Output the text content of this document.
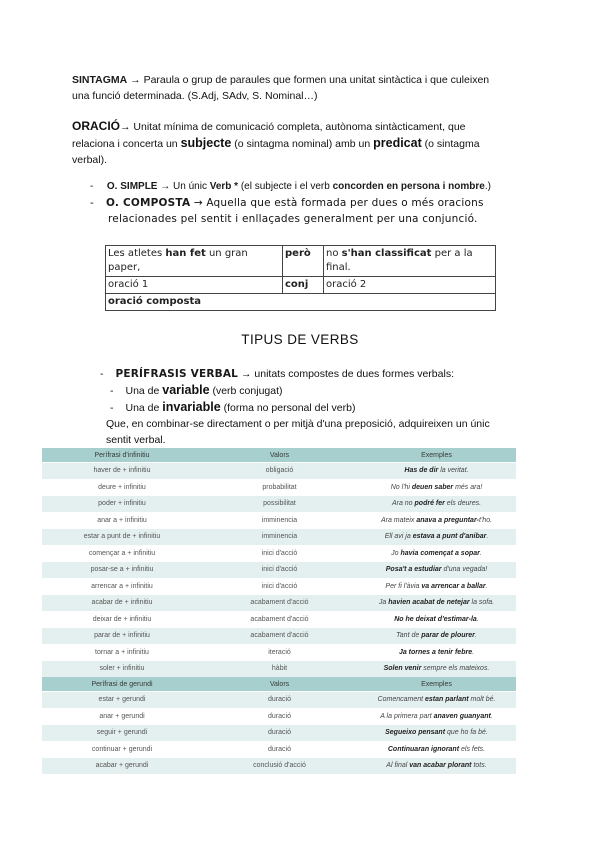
SINTAGMA → Paraula o grup de paraules que formen una unitat sintàctica i que culeixen
una funció determinada. (S.Adj, SAdv, S. Nominal…)
ORACIÓ→ Unitat mínima de comunicació completa, autònoma sintàcticament, que
relaciona i concerta un subjecte (o sintagma nominal) amb un predicat (o sintagma
verbal).
- O. SIMPLE → Un únic Verb * (el subjecte i el verb concorden en persona i nombre.)
- O. COMPOSTA → Aquella que està formada per dues o més oracions
relacionades pel sentit i enllaçades generalment per una conjunció.
Les atletes han fet un gran paper,	però	no s'han classificat per a la final.
oració 1	conj	oració 2
oració composta		
TIPUS DE VERBS
- PERÍFRASIS VERBAL → unitats compostes de dues formes verbals:
- Una de variable (verb conjugat)
- Una de invariable (forma no personal del verb)
Que, en combinar-se directament o per mitjà d'una preposició, adquireixen un únic
sentit verbal.
Perífrasi d'infinitiu	Valors	Exemples
haver de + infinitiu	obligació	Has de dir la veritat.
deure + infinitiu	probabilitat	No l'hi deuen saber més ara!
poder + infinitiu	possibilitat	Ara no podré fer els deures.
anar a + infinitiu	imminencia	Ara mateix anava a preguntar-t'ho.
estar a punt de + infinitiu	imminencia	Ell avi ja estava a punt d'anibar.
començar a + infinitiu	inici d'acció	Jo havia començat a sopar.
posar-se a + infinitiu	inici d'acció	Posa't a estudiar d'una vegada!
arrencar a + infinitiu	inici d'acció	Per fi l'àvia va arrencar a ballar.
acabar de + infinitiu	acabament d'acció	Ja havien acabat de netejar la sofa.
deixar de + infinitiu	acabament d'acció	No he deixat d'estimar-la.
parar de + infinitiu	acabament d'acció	Tant de parar de plourer.
tornar a + infinitiu	iteració	Ja tornes a tenir febre.
soler + infinitiu	hàbit	Solen venir sempre els mateixos.
Perífrasi de gerundi	Valors	Exemples
estar + gerundi	duració	Comencament estan parlant molt bé.
anar + gerundi	duració	A la primera part anaven guanyant.
seguir + gerundi	duració	Segueixo pensant que ho fa bé.
continuar + gerundi	duració	Continuaran ignorant els fets.
acabar + gerundi	conclusió d'acció	Al final van acabar plorant tots.
